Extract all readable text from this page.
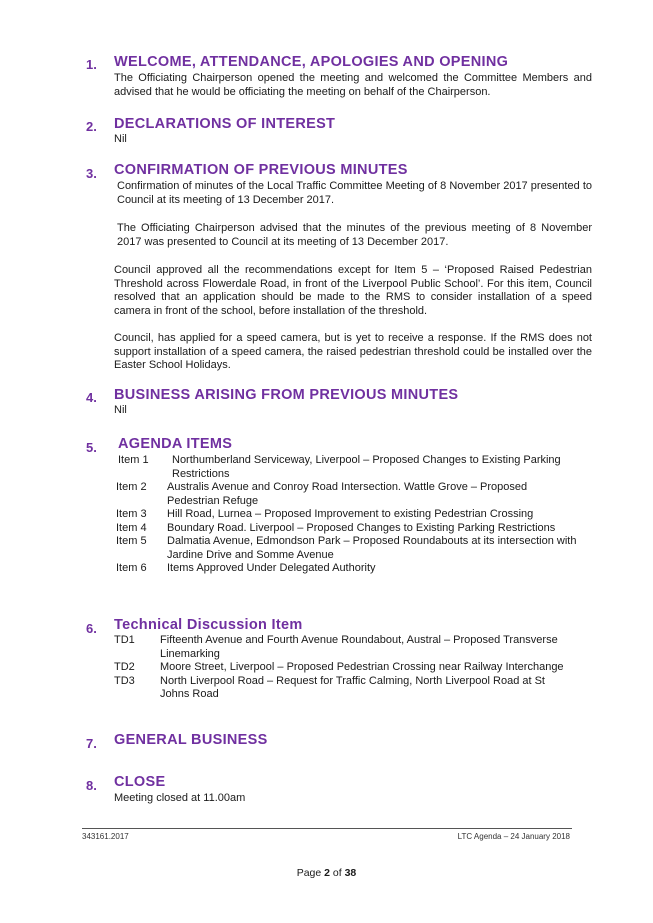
1. WELCOME, ATTENDANCE, APOLOGIES AND OPENING
The Officiating Chairperson opened the meeting and welcomed the Committee Members and advised that he would be officiating the meeting on behalf of the Chairperson.
2. DECLARATIONS OF INTEREST
Nil
3. CONFIRMATION OF PREVIOUS MINUTES
Confirmation of minutes of the Local Traffic Committee Meeting of 8 November 2017 presented to Council at its meeting of 13 December 2017.
The Officiating Chairperson advised that the minutes of the previous meeting of 8 November 2017 was presented to Council at its meeting of 13 December 2017.
Council approved all the recommendations except for Item 5 – ‘Proposed Raised Pedestrian Threshold across Flowerdale Road, in front of the Liverpool Public School’. For this item, Council resolved that an application should be made to the RMS to consider installation of a speed camera in front of the school, before installation of the threshold.
Council, has applied for a speed camera, but is yet to receive a response. If the RMS does not support installation of a speed camera, the raised pedestrian threshold could be installed over the Easter School Holidays.
4. BUSINESS ARISING FROM PREVIOUS MINUTES
Nil
5. AGENDA ITEMS
Item 1	Northumberland Serviceway, Liverpool – Proposed Changes to Existing Parking Restrictions
Item 2	Australis Avenue and Conroy Road Intersection. Wattle Grove – Proposed Pedestrian Refuge
Item 3	Hill Road, Lurnea – Proposed Improvement to existing Pedestrian Crossing
Item 4	Boundary Road. Liverpool – Proposed Changes to Existing Parking Restrictions
Item 5	Dalmatia Avenue, Edmondson Park – Proposed Roundabouts at its intersection with Jardine Drive and Somme Avenue
Item 6	Items Approved Under Delegated Authority
6. Technical Discussion Item
TD1	Fifteenth Avenue and Fourth Avenue Roundabout, Austral – Proposed Transverse Linemarking
TD2	Moore Street, Liverpool – Proposed Pedestrian Crossing near Railway Interchange
TD3	North Liverpool Road – Request for Traffic Calming, North Liverpool Road at St Johns Road
7. GENERAL BUSINESS
8. CLOSE
Meeting closed at 11.00am
343161.2017	LTC Agenda – 24 January 2018
Page 2 of 38
